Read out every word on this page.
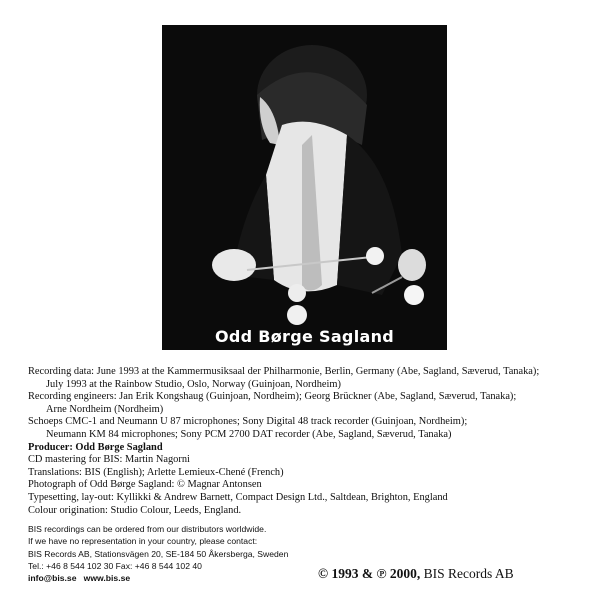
Odd Børge Sagland
Recording data: June 1993 at the Kammermusiksaal der Philharmonie, Berlin, Germany (Abe, Sagland, Sæverud, Tanaka);
July 1993 at the Rainbow Studio, Oslo, Norway (Guinjoan, Nordheim)
Recording engineers: Jan Erik Kongshaug (Guinjoan, Nordheim); Georg Brückner (Abe, Sagland, Sæverud, Tanaka);
Arne Nordheim (Nordheim)
Schoeps CMC-1 and Neumann U 87 microphones; Sony Digital 48 track recorder (Guinjoan, Nordheim);
Neumann KM 84 microphones; Sony PCM 2700 DAT recorder (Abe, Sagland, Sæverud, Tanaka)
Producer: Odd Børge Sagland
CD mastering for BIS: Martin Nagorni
Translations: BIS (English); Arlette Lemieux-Chené (French)
Photograph of Odd Børge Sagland: © Magnar Antonsen
Typesetting, lay-out: Kyllikki & Andrew Barnett, Compact Design Ltd., Saltdean, Brighton, England
Colour origination: Studio Colour, Leeds, England.
BIS recordings can be ordered from our distributors worldwide.
If we have no representation in your country, please contact:
BIS Records AB, Stationsvägen 20, SE-184 50 Åkersberga, Sweden
Tel.: +46 8 544 102 30 Fax: +46 8 544 102 40
info@bis.se www.bis.se	© 1993 & ℗ 2000, BIS Records AB
